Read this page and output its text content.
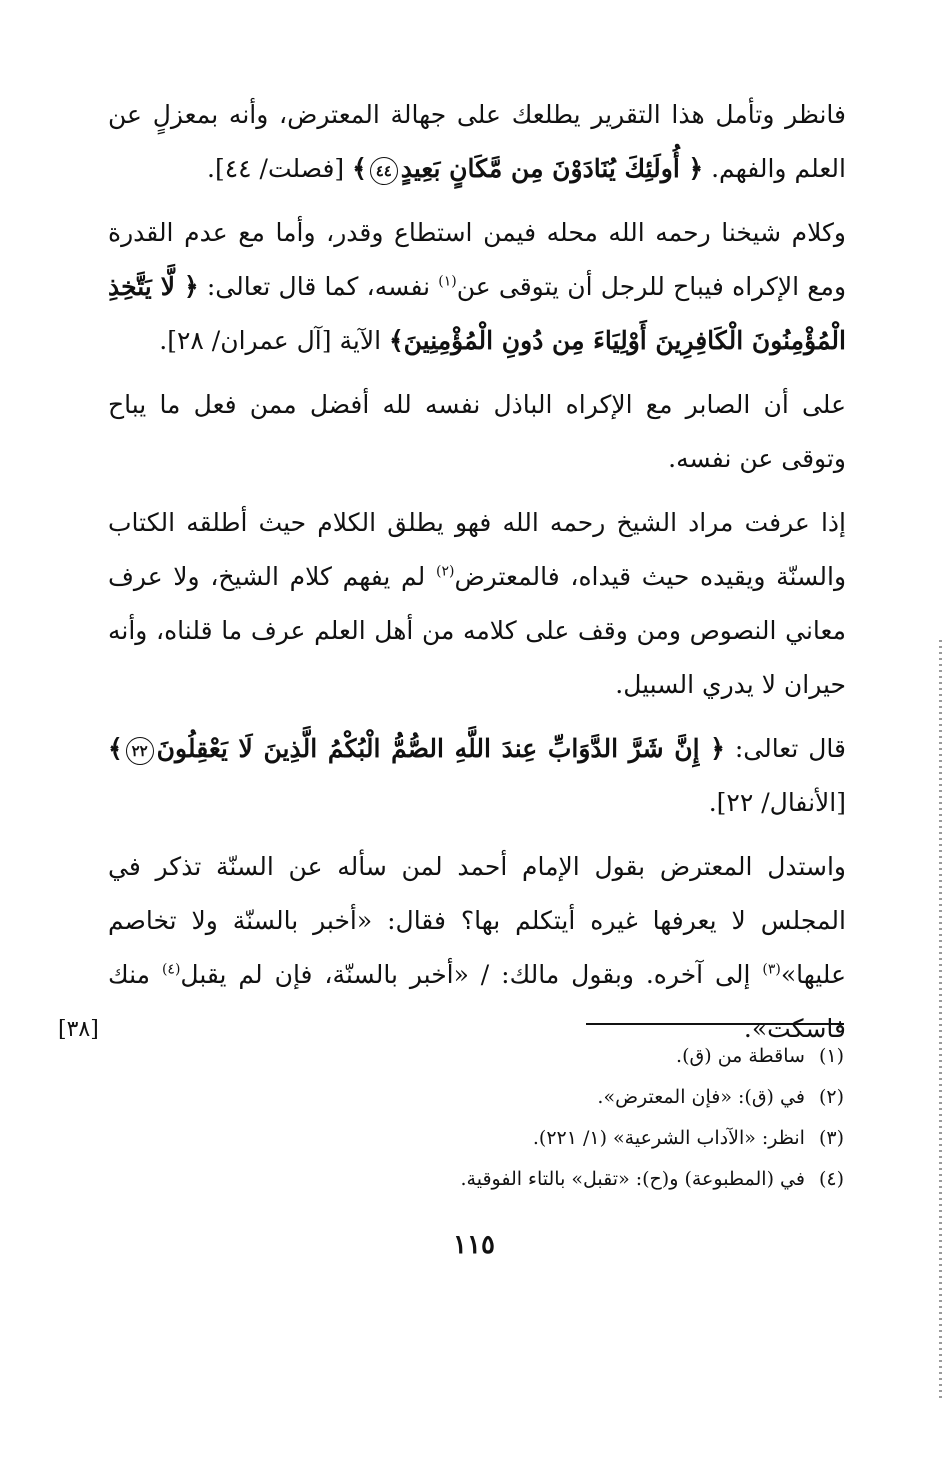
فانظر وتأمل هذا التقرير يطلعك على جهالة المعترض، وأنه بمعزلٍ عن العلم والفهم. ﴿ أُولَئِكَ يُنَادَوْنَ مِن مَّكَانٍ بَعِيدٍ٤٤﴾ [فصلت/ ٤٤].

وكلام شيخنا رحمه الله محله فيمن استطاع وقدر، وأما مع عدم القدرة ومع الإكراه فيباح للرجل أن يتوقى عن$^{(١)}$ نفسه، كما قال تعالى: ﴿ لَّا يَتَّخِذِ الْمُؤْمِنُونَ الْكَافِرِينَ أَوْلِيَاءَ مِن دُونِ الْمُؤْمِنِينَ﴾ الآية [آل عمران/ ٢٨].

على أن الصابر مع الإكراه الباذل نفسه لله أفضل ممن فعل ما يباح وتوقى عن نفسه.

إذا عرفت مراد الشيخ رحمه الله فهو يطلق الكلام حيث أطلقه الكتاب والسنّة ويقيده حيث قيداه، فالمعترض$^{(٢)}$ لم يفهم كلام الشيخ، ولا عرف معاني النصوص ومن وقف على كلامه من أهل العلم عرف ما قلناه، وأنه حيران لا يدري السبيل.

قال تعالى: ﴿ إِنَّ شَرَّ الدَّوَابِّ عِندَ اللَّهِ الصُّمُّ الْبُكْمُ الَّذِينَ لَا يَعْقِلُونَ٢٢﴾ [الأنفال/ ٢٢].

واستدل المعترض بقول الإمام أحمد لمن سأله عن السنّة تذكر في المجلس لا يعرفها غيره أيتكلم بها؟ فقال: «أخبر بالسنّة ولا تخاصم عليها»$^{(٣)}$ إلى آخره. وبقول مالك: / «أخبر بالسنّة، فإن لم يقبل$^{(٤)}$ منك فاسكت».

[٣٨]
(١)ساقطة من (ق).
(٢)في (ق): «فإن المعترض».
(٣)انظر: «الآداب الشرعية» (١/ ٢٢١).
(٤)في (المطبوعة) و(ح): «تقبل» بالتاء الفوقية.
١١٥
